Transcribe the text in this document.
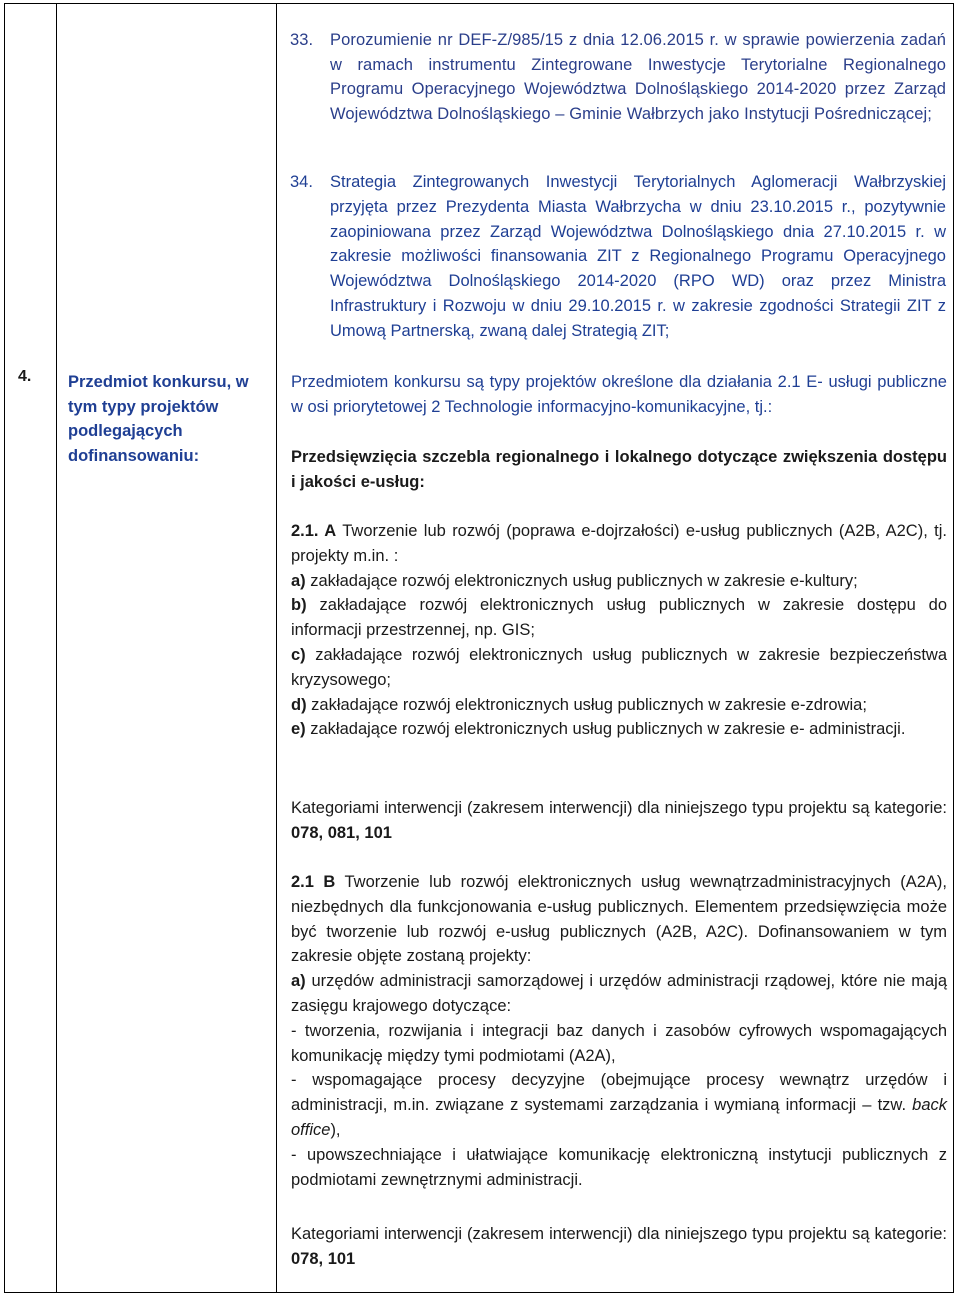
4.	Przedmiot konkursu, w tym typy projektów podlegających dofinansowaniu:
33. Porozumienie nr DEF-Z/985/15 z dnia 12.06.2015 r. w sprawie powierzenia zadań w ramach instrumentu Zintegrowane Inwestycje Terytorialne Regionalnego Programu Operacyjnego Województwa Dolnośląskiego 2014-2020 przez Zarząd Województwa Dolnośląskiego – Gminie Wałbrzych jako Instytucji Pośredniczącej;
34. Strategia Zintegrowanych Inwestycji Terytorialnych Aglomeracji Wałbrzyskiej przyjęta przez Prezydenta Miasta Wałbrzycha w dniu 23.10.2015 r., pozytywnie zaopiniowana przez Zarząd Województwa Dolnośląskiego dnia 27.10.2015 r. w zakresie możliwości finansowania ZIT z Regionalnego Programu Operacyjnego Województwa Dolnośląskiego 2014-2020 (RPO WD) oraz przez Ministra Infrastruktury i Rozwoju w dniu 29.10.2015 r. w zakresie zgodności Strategii ZIT z Umową Partnerską, zwaną dalej Strategią ZIT;

Przedmiotem konkursu są typy projektów określone dla działania 2.1 E- usługi publiczne w osi priorytetowej 2 Technologie informacyjno-komunikacyjne, tj.:

Przedsięwzięcia szczebla regionalnego i lokalnego dotyczące zwiększenia dostępu i jakości e-usług:

2.1. A Tworzenie lub rozwój (poprawa e-dojrzałości) e-usług publicznych (A2B, A2C), tj. projekty m.in. :

a) zakładające rozwój elektronicznych usług publicznych w zakresie e-kultury;

b) zakładające rozwój elektronicznych usług publicznych w zakresie dostępu do informacji przestrzennej, np. GIS;

c) zakładające rozwój elektronicznych usług publicznych w zakresie bezpieczeństwa kryzysowego;

d) zakładające rozwój elektronicznych usług publicznych w zakresie e-zdrowia;

e) zakładające rozwój elektronicznych usług publicznych w zakresie e- administracji.

Kategoriami interwencji (zakresem interwencji) dla niniejszego typu projektu są kategorie: 078, 081, 101

2.1 B Tworzenie lub rozwój elektronicznych usług wewnątrzadministracyjnych (A2A), niezbędnych dla funkcjonowania e-usług publicznych. Elementem przedsięwzięcia może być tworzenie lub rozwój e-usług publicznych (A2B, A2C). Dofinansowaniem w tym zakresie objęte zostaną projekty:

a) urzędów administracji samorządowej i urzędów administracji rządowej, które nie mają zasięgu krajowego dotyczące:

- tworzenia, rozwijania i integracji baz danych i zasobów cyfrowych wspomagających komunikację między tymi podmiotami (A2A),

- wspomagające procesy decyzyjne (obejmujące procesy wewnątrz urzędów i administracji, m.in. związane z systemami zarządzania i wymianą informacji – tzw. back office),

- upowszechniające i ułatwiające komunikację elektroniczną instytucji publicznych z podmiotami zewnętrznymi administracji.

Kategoriami interwencji (zakresem interwencji) dla niniejszego typu projektu są kategorie: 078, 101
